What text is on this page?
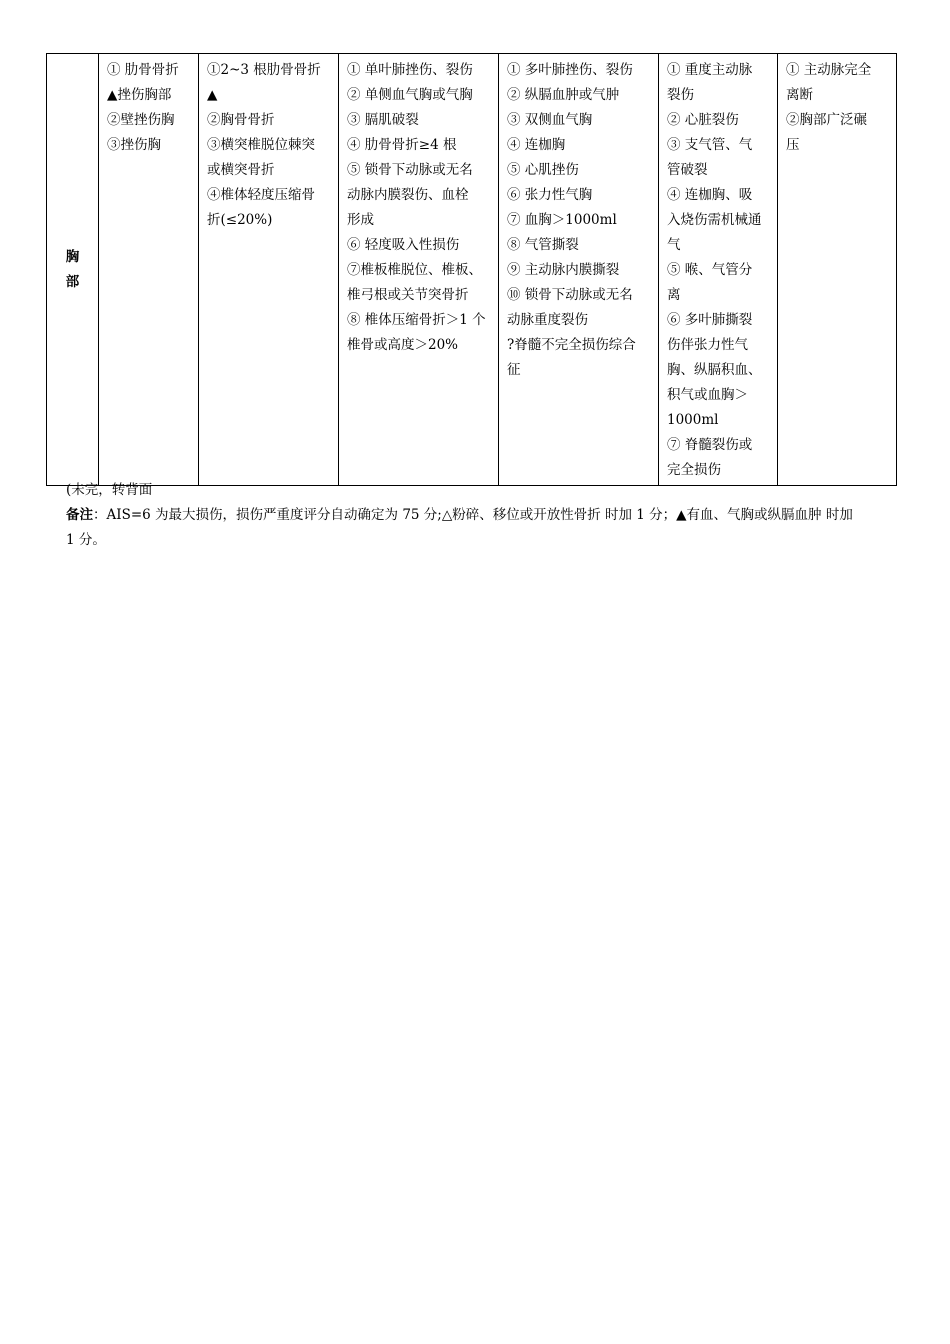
胸
部

① 肋骨骨折
▲挫伤胸部
②壁挫伤胸
③挫伤胸

①2~3 根肋骨骨折▲
②胸骨骨折
③横突椎脱位棘突
或横突骨折
④椎体轻度压缩骨
折(≤20%)

① 单叶肺挫伤、裂伤
② 单侧血气胸或气胸
③ 膈肌破裂
④ 肋骨骨折≥4 根
⑤ 锁骨下动脉或无名
动脉内膜裂伤、血栓
形成
⑥ 轻度吸入性损伤
⑦椎板椎脱位、椎板、
椎弓根或关节突骨折
⑧ 椎体压缩骨折＞1 个
椎骨或高度＞20%

① 多叶肺挫伤、裂伤
② 纵膈血肿或气肿
③ 双侧血气胸
④ 连枷胸
⑤ 心肌挫伤
⑥ 张力性气胸
⑦ 血胸＞1000ml
⑧ 气管撕裂
⑨ 主动脉内膜撕裂
⑩ 锁骨下动脉或无名
动脉重度裂伤
?脊髓不完全损伤综合
征

① 重度主动脉
裂伤
② 心脏裂伤
③ 支气管、气
管破裂
④ 连枷胸、吸
入烧伤需机械通
气
⑤ 喉、气管分
离
⑥ 多叶肺撕裂
伤伴张力性气
胸、纵膈积血、
积气或血胸＞
1000ml
⑦ 脊髓裂伤或
完全损伤

① 主动脉完全
离断
②胸部广泛碾
压
(未完，转背面
备注：AIS=6 为最大损伤，损伤严重度评分自动确定为 75 分;△粉碎、移位或开放性骨折 时加 1 分；▲有血、气胸或纵膈血肿 时加
1 分。
